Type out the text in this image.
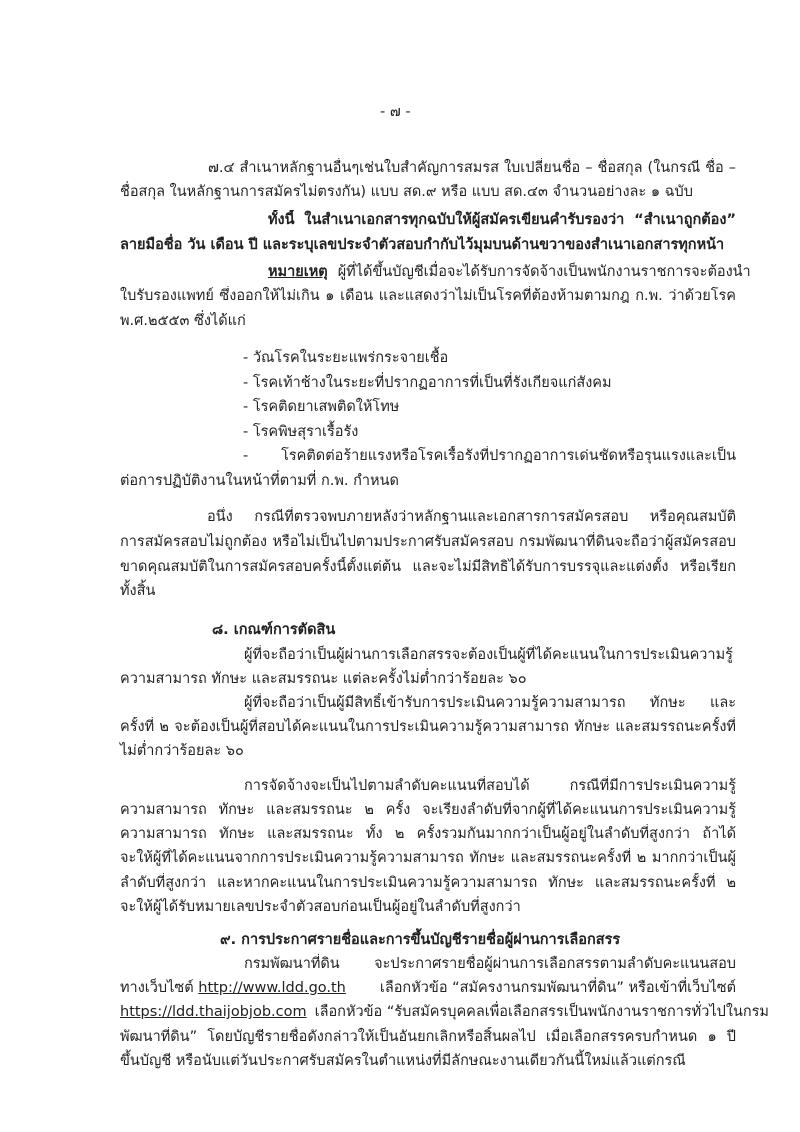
- ๗ -
๗.๔ สำเนาหลักฐานอื่นๆเช่นใบสำคัญการสมรส ใบเปลี่ยนชื่อ – ชื่อสกุล (ในกรณี ชื่อ –
ชื่อสกุล ในหลักฐานการสมัครไม่ตรงกัน) แบบ สด.๙ หรือ แบบ สด.๔๓ จำนวนอย่างละ ๑ ฉบับ
ทั้งนี้ ในสำเนาเอกสารทุกฉบับให้ผู้สมัครเขียนคำรับรองว่า “สำเนาถูกต้อง”
ลายมือชื่อ วัน เดือน ปี และระบุเลขประจำตัวสอบกำกับไว้มุมบนด้านขวาของสำเนาเอกสารทุกหน้า
หมายเหตุ ผู้ที่ได้ขึ้นบัญชีเมื่อจะได้รับการจัดจ้างเป็นพนักงานราชการจะต้องนำ
ใบรับรองแพทย์ ซึ่งออกให้ไม่เกิน ๑ เดือน และแสดงว่าไม่เป็นโรคที่ต้องห้ามตามกฎ ก.พ. ว่าด้วยโรค
พ.ศ.๒๕๕๓ ซึ่งได้แก่
- วัณโรคในระยะแพร่กระจายเชื้อ
- โรคเท้าช้างในระยะที่ปรากฏอาการที่เป็นที่รังเกียจแก่สังคม
- โรคติดยาเสพติดให้โทษ
- โรคพิษสุราเรื้อรัง
- โรคติดต่อร้ายแรงหรือโรคเรื้อรังที่ปรากฏอาการเด่นชัดหรือรุนแรงและเป็น
ต่อการปฏิบัติงานในหน้าที่ตามที่ ก.พ. กำหนด
อนึ่ง กรณีที่ตรวจพบภายหลังว่าหลักฐานและเอกสารการสมัครสอบ หรือคุณสมบัติ
การสมัครสอบไม่ถูกต้อง หรือไม่เป็นไปตามประกาศรับสมัครสอบ กรมพัฒนาที่ดินจะถือว่าผู้สมัครสอบ
ขาดคุณสมบัติในการสมัครสอบครั้งนี้ตั้งแต่ต้น และจะไม่มีสิทธิได้รับการบรรจุและแต่งตั้ง หรือเรียก
ทั้งสิ้น
๘. เกณฑ์การตัดสิน
ผู้ที่จะถือว่าเป็นผู้ผ่านการเลือกสรรจะต้องเป็นผู้ที่ได้คะแนนในการประเมินความรู้
ความสามารถ ทักษะ และสมรรถนะ แต่ละครั้งไม่ต่ำกว่าร้อยละ ๖๐
ผู้ที่จะถือว่าเป็นผู้มีสิทธิ์เข้ารับการประเมินความรู้ความสามารถ ทักษะ และ
ครั้งที่ ๒ จะต้องเป็นผู้ที่สอบได้คะแนนในการประเมินความรู้ความสามารถ ทักษะ และสมรรถนะครั้งที่
ไม่ต่ำกว่าร้อยละ ๖๐
การจัดจ้างจะเป็นไปตามลำดับคะแนนที่สอบได้ กรณีที่มีการประเมินความรู้
ความสามารถ ทักษะ และสมรรถนะ ๒ ครั้ง จะเรียงลำดับที่จากผู้ที่ได้คะแนนการประเมินความรู้
ความสามารถ ทักษะ และสมรรถนะ ทั้ง ๒ ครั้งรวมกันมากกว่าเป็นผู้อยู่ในลำดับที่สูงกว่า ถ้าได้
จะให้ผู้ที่ได้คะแนนจากการประเมินความรู้ความสามารถ ทักษะ และสมรรถนะครั้งที่ ๒ มากกว่าเป็นผู้
ลำดับที่สูงกว่า และหากคะแนนในการประเมินความรู้ความสามารถ ทักษะ และสมรรถนะครั้งที่ ๒
จะให้ผู้ได้รับหมายเลขประจำตัวสอบก่อนเป็นผู้อยู่ในลำดับที่สูงกว่า
๙. การประกาศรายชื่อและการขึ้นบัญชีรายชื่อผู้ผ่านการเลือกสรร
กรมพัฒนาที่ดิน จะประกาศรายชื่อผู้ผ่านการเลือกสรรตามลำดับคะแนนสอบ
ทางเว็บไซต์ http://www.ldd.go.th เลือกหัวข้อ “สมัครงานกรมพัฒนาที่ดิน” หรือเข้าที่เว็บไซต์
https://ldd.thaijobjob.com เลือกหัวข้อ “รับสมัครบุคคลเพื่อเลือกสรรเป็นพนักงานราชการทั่วไปในกรม
พัฒนาที่ดิน” โดยบัญชีรายชื่อดังกล่าวให้เป็นอันยกเลิกหรือสิ้นผลไป เมื่อเลือกสรรครบกำหนด ๑ ปี
ขึ้นบัญชี หรือนับแต่วันประกาศรับสมัครในตำแหน่งที่มีลักษณะงานเดียวกันนี้ใหม่แล้วแต่กรณี
